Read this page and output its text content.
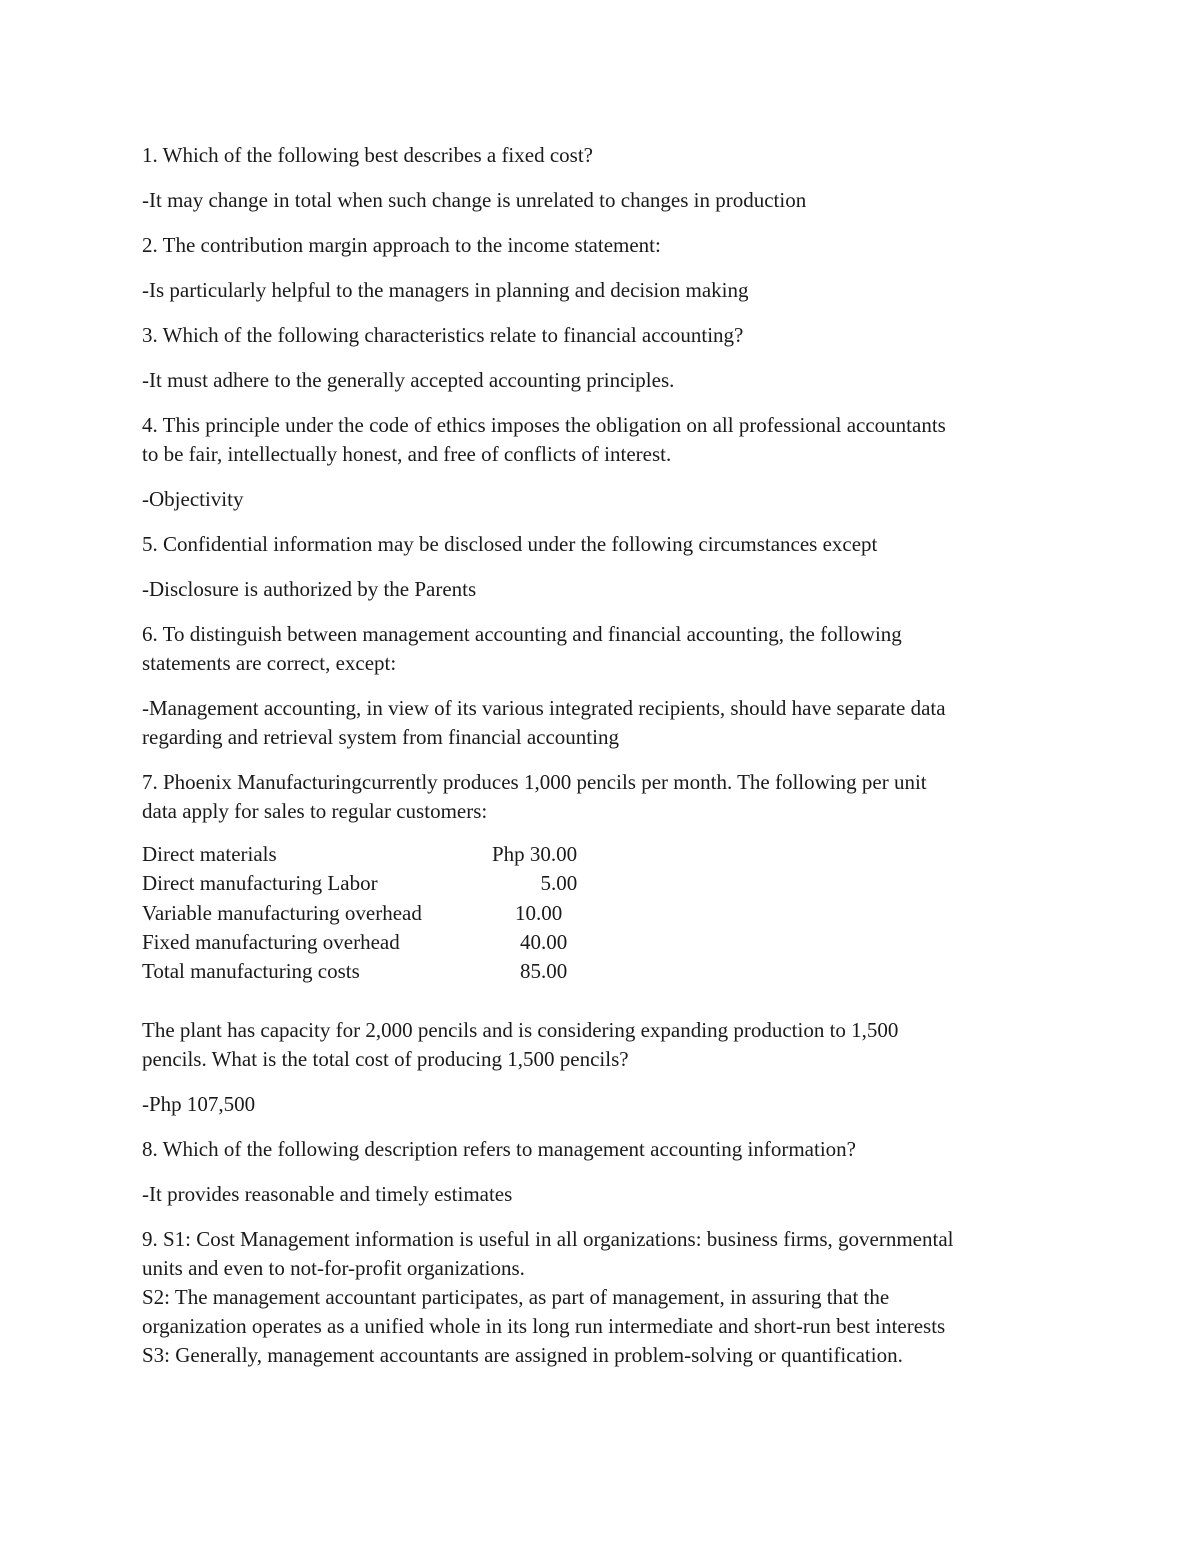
1. Which of the following best describes a fixed cost?

-It may change in total when such change is unrelated to changes in production

2. The contribution margin approach to the income statement:

-Is particularly helpful to the managers in planning and decision making

3. Which of the following characteristics relate to financial accounting?

-It must adhere to the generally accepted accounting principles.

4. This principle under the code of ethics imposes the obligation on all professional accountants
to be fair, intellectually honest, and free of conflicts of interest.

-Objectivity

5. Confidential information may be disclosed under the following circumstances except

-Disclosure is authorized by the Parents

6. To distinguish between management accounting and financial accounting, the following
statements are correct, except:

-Management accounting, in view of its various integrated recipients, should have separate data
regarding and retrieval system from financial accounting

7. Phoenix Manufacturingcurrently produces 1,000 pencils per month. The following per unit
data apply for sales to regular customers:

Direct materials	Php 30.00
Direct manufacturing Labor	5.00
Variable manufacturing overhead	10.00
Fixed manufacturing overhead	40.00
Total manufacturing costs	85.00

The plant has capacity for 2,000 pencils and is considering expanding production to 1,500
pencils. What is the total cost of producing 1,500 pencils?

-Php 107,500

8. Which of the following description refers to management accounting information?

-It provides reasonable and timely estimates

9. S1: Cost Management information is useful in all organizations: business firms, governmental
units and even to not-for-profit organizations.
S2: The management accountant participates, as part of management, in assuring that the
organization operates as a unified whole in its long run intermediate and short-run best interests
S3: Generally, management accountants are assigned in problem-solving or quantification.
